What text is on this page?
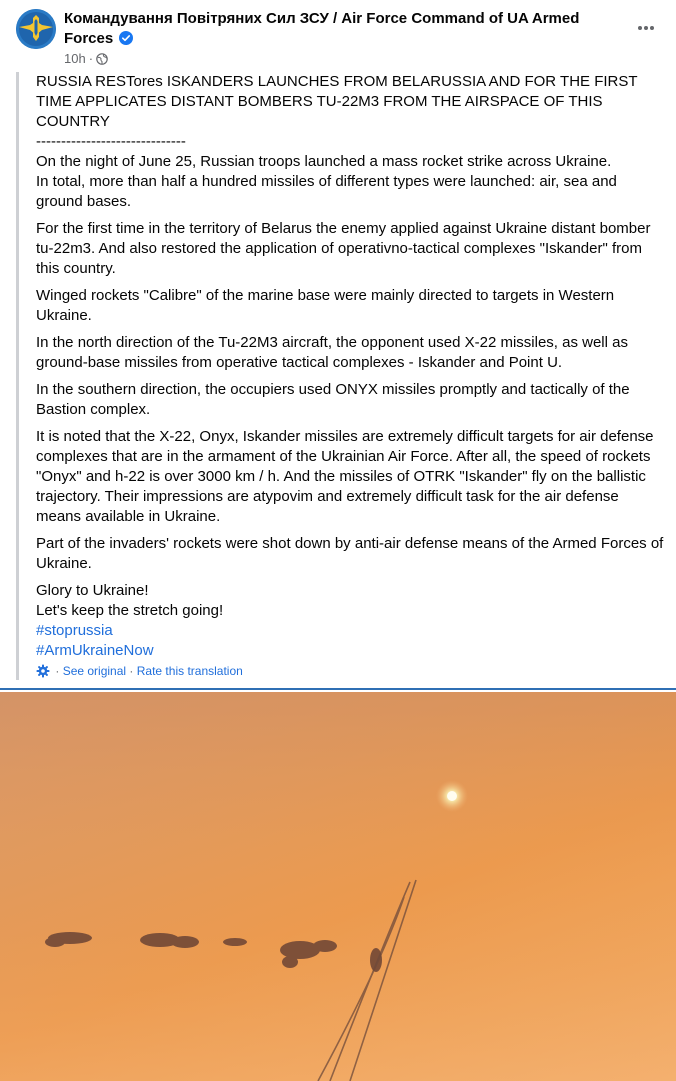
Командування Повітряних Сил ЗСУ / Air Force Command of UA Armed Forces
10h ·

RUSSIA RESTores ISKANDERS LAUNCHES FROM BELARUSSIA AND FOR THE FIRST TIME APPLICATES DISTANT BOMBERS TU-22M3 FROM THE AIRSPACE OF THIS COUNTRY

------------------------------

On the night of June 25, Russian troops launched a mass rocket strike across Ukraine.
In total, more than half a hundred missiles of different types were launched: air, sea and ground bases.

For the first time in the territory of Belarus the enemy applied against Ukraine distant bomber tu-22m3. And also restored the application of operativno-tactical complexes "Iskander" from this country.

Winged rockets "Calibre" of the marine base were mainly directed to targets in Western Ukraine.

In the north direction of the Tu-22M3 aircraft, the opponent used X-22 missiles, as well as ground-base missiles from operative tactical complexes - Iskander and Point U.

In the southern direction, the occupiers used ONYX missiles promptly and tactically of the Bastion complex.

It is noted that the X-22, Onyx, Iskander missiles are extremely difficult targets for air defense complexes that are in the armament of the Ukrainian Air Force. After all, the speed of rockets "Onyx" and h-22 is over 3000 km / h. And the missiles of OTRK "Iskander" fly on the ballistic trajectory. Their impressions are atypovim and extremely difficult task for the air defense means available in Ukraine.

Part of the invaders' rockets were shot down by anti-air defense means of the Armed Forces of Ukraine.

Glory to Ukraine!
Let's keep the stretch going!
#stoprussia
#ArmUkraineNow

· See original · Rate this translation
